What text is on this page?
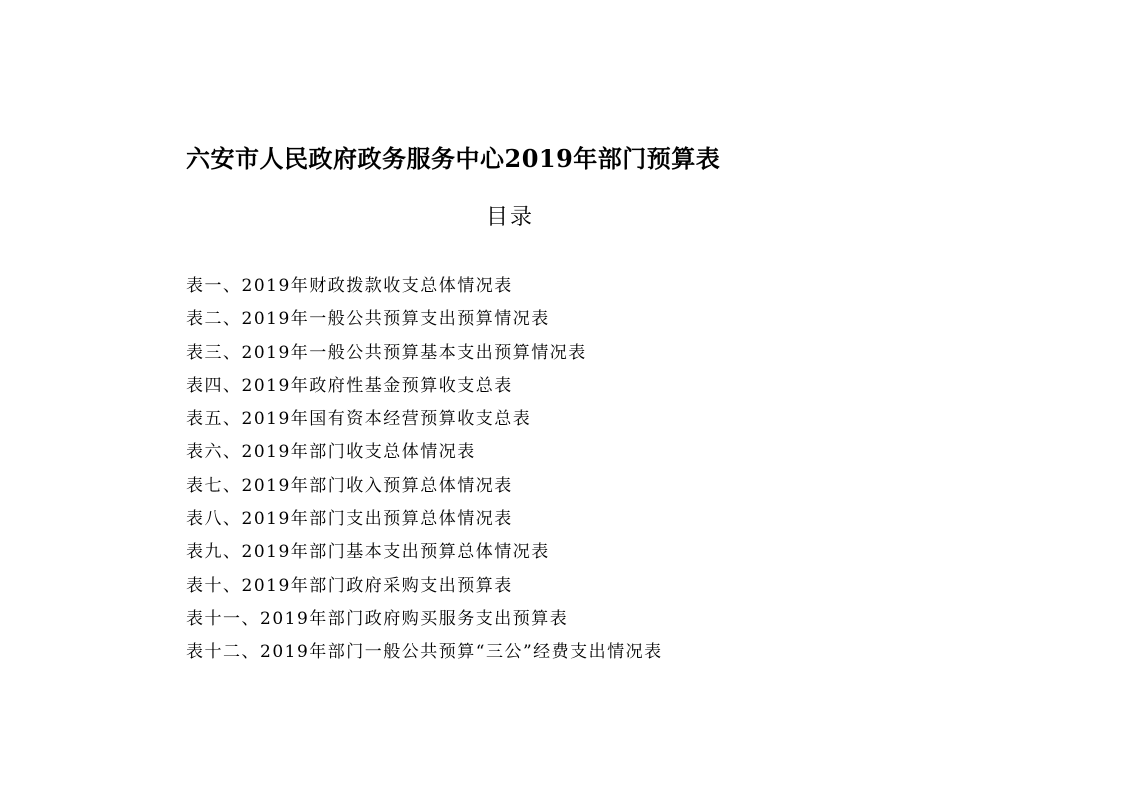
六安市人民政府政务服务中心2019年部门预算表
目录
表一、2019年财政拨款收支总体情况表
表二、2019年一般公共预算支出预算情况表
表三、2019年一般公共预算基本支出预算情况表
表四、2019年政府性基金预算收支总表
表五、2019年国有资本经营预算收支总表
表六、2019年部门收支总体情况表
表七、2019年部门收入预算总体情况表
表八、2019年部门支出预算总体情况表
表九、2019年部门基本支出预算总体情况表
表十、2019年部门政府采购支出预算表
表十一、2019年部门政府购买服务支出预算表
表十二、2019年部门一般公共预算“三公”经费支出情况表
